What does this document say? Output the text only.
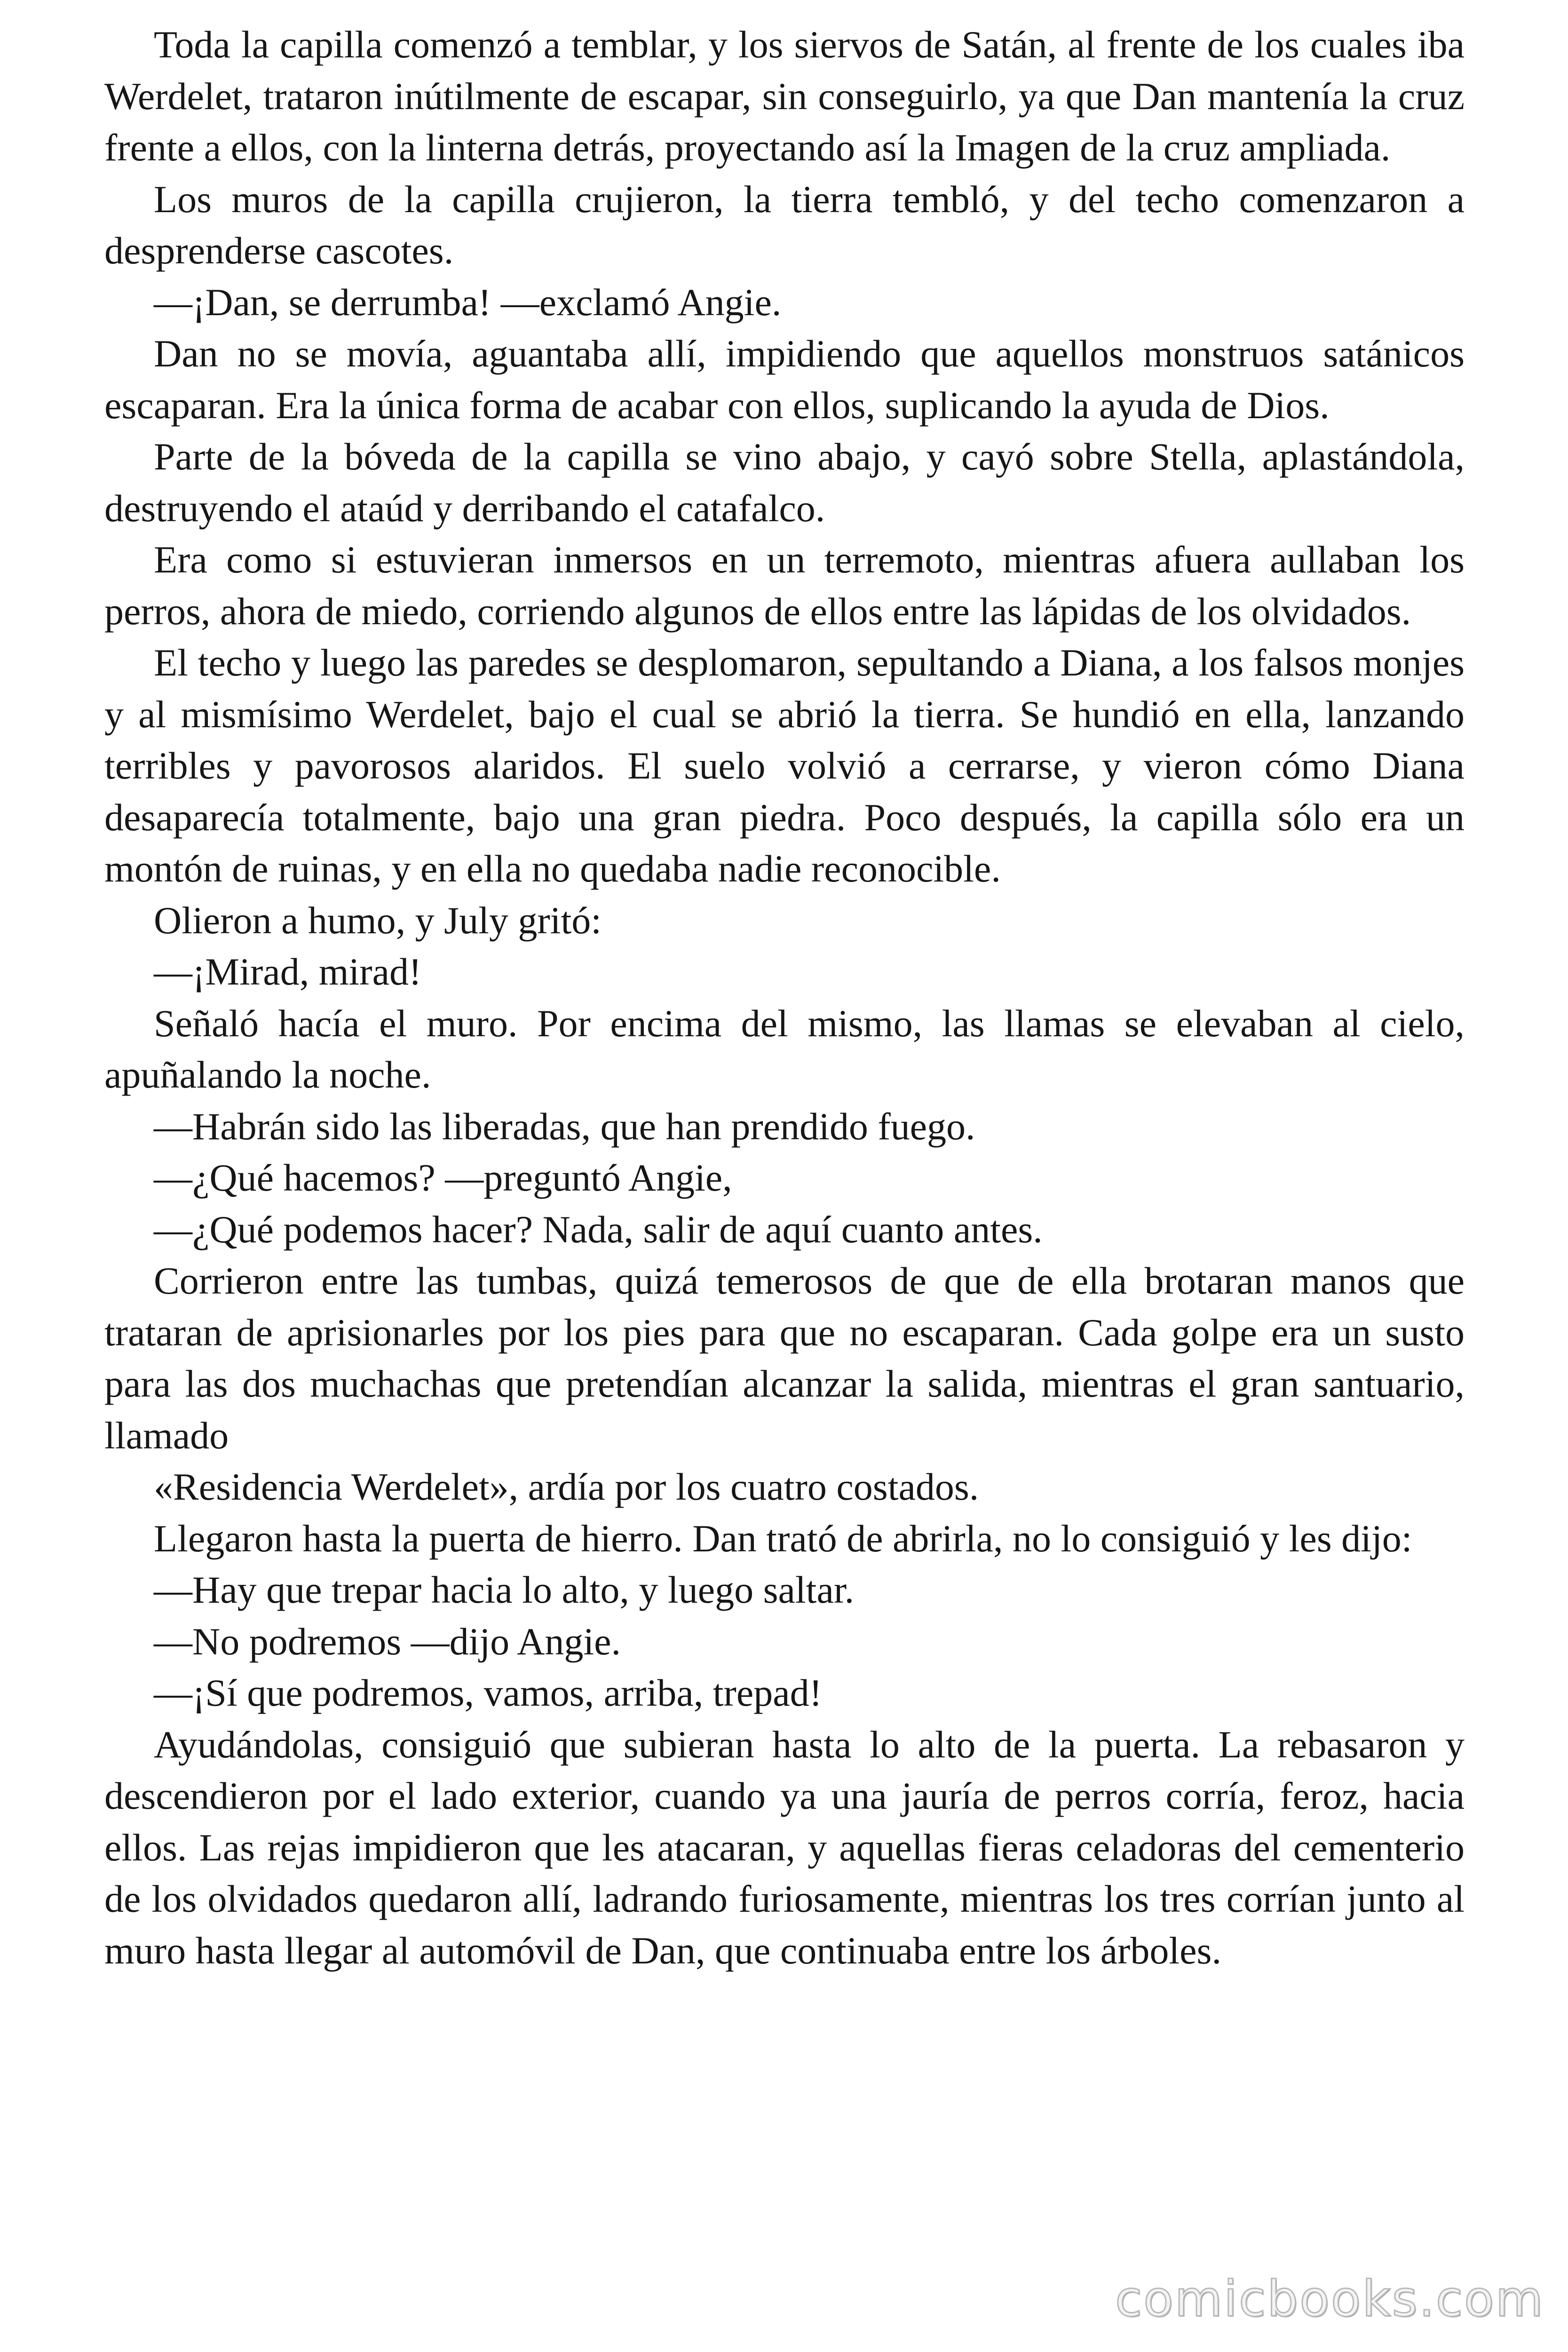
Toda la capilla comenzó a temblar, y los siervos de Satán, al frente de los cuales iba Werdelet, trataron inútilmente de escapar, sin conseguirlo, ya que Dan mantenía la cruz frente a ellos, con la linterna detrás, proyectando así la Imagen de la cruz ampliada.

Los muros de la capilla crujieron, la tierra tembló, y del techo comenzaron a desprenderse cascotes.

—¡Dan, se derrumba! —exclamó Angie.

Dan no se movía, aguantaba allí, impidiendo que aquellos monstruos satánicos escaparan. Era la única forma de acabar con ellos, suplicando la ayuda de Dios.

Parte de la bóveda de la capilla se vino abajo, y cayó sobre Stella, aplastándola, destruyendo el ataúd y derribando el catafalco.

Era como si estuvieran inmersos en un terremoto, mientras afuera aullaban los perros, ahora de miedo, corriendo algunos de ellos entre las lápidas de los olvidados.

El techo y luego las paredes se desplomaron, sepultando a Diana, a los falsos monjes y al mismísimo Werdelet, bajo el cual se abrió la tierra. Se hundió en ella, lanzando terribles y pavorosos alaridos. El suelo volvió a cerrarse, y vieron cómo Diana desaparecía totalmente, bajo una gran piedra. Poco después, la capilla sólo era un montón de ruinas, y en ella no quedaba nadie reconocible.

Olieron a humo, y July gritó:

—¡Mirad, mirad!

Señaló hacía el muro. Por encima del mismo, las llamas se elevaban al cielo, apuñalando la noche.

—Habrán sido las liberadas, que han prendido fuego.

—¿Qué hacemos? —preguntó Angie,

—¿Qué podemos hacer? Nada, salir de aquí cuanto antes.

Corrieron entre las tumbas, quizá temerosos de que de ella brotaran manos que trataran de aprisionarles por los pies para que no escaparan. Cada golpe era un susto para las dos muchachas que pretendían alcanzar la salida, mientras el gran santuario, llamado

«Residencia Werdelet», ardía por los cuatro costados.

Llegaron hasta la puerta de hierro. Dan trató de abrirla, no lo consiguió y les dijo:

—Hay que trepar hacia lo alto, y luego saltar.

—No podremos —dijo Angie.

—¡Sí que podremos, vamos, arriba, trepad!

Ayudándolas, consiguió que subieran hasta lo alto de la puerta. La rebasaron y descendieron por el lado exterior, cuando ya una jauría de perros corría, feroz, hacia ellos. Las rejas impidieron que les atacaran, y aquellas fieras celadoras del cementerio de los olvidados quedaron allí, ladrando furiosamente, mientras los tres corrían junto al muro hasta llegar al automóvil de Dan, que continuaba entre los árboles.

comicbooks.com
